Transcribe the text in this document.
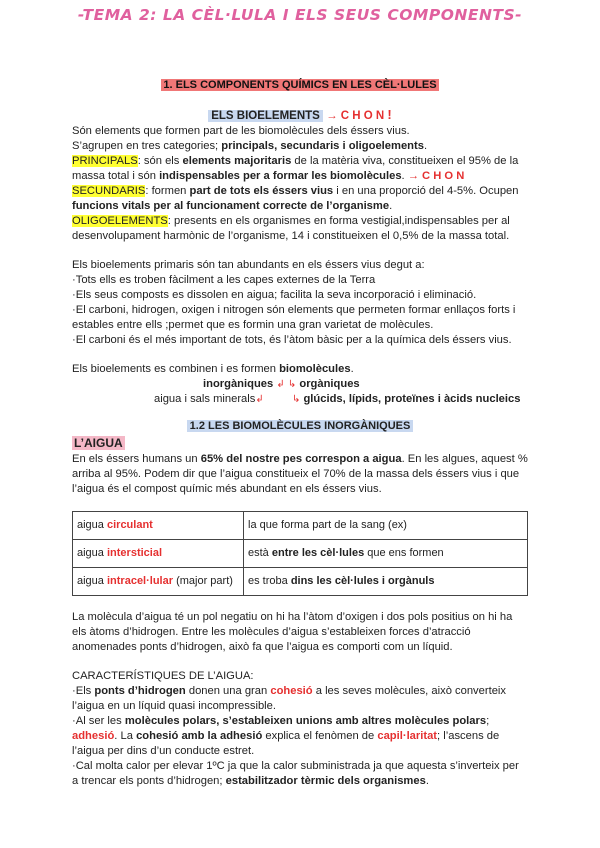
-TEMA 2: LA CÈL·LULA I ELS SEUS COMPONENTS-

1. ELS COMPONENTS QUÍMICS EN LES CÈL·LULES

ELS BIOELEMENTS → C H O N !

Són elements que formen part de les biomolècules dels éssers vius.

S’agrupen en tres categories; principals, secundaris i oligoelements.

PRINCIPALS: són els elements majoritaris de la matèria viva, constitueixen el 95% de la massa total i són indispensables per a formar les biomolècules. → C H O N

SECUNDARIS: formen part de tots els éssers vius i en una proporció del 4-5%. Ocupen funcions vitals per al funcionament correcte de l’organisme.

OLIGOELEMENTS: presents en els organismes en forma vestigial,indispensables per al desenvolupament harmònic de l’organisme, 14 i constitueixen el 0,5% de la massa total.

Els bioelements primaris són tan abundants en els éssers vius degut a:

·Tots ells es troben fàcilment a les capes externes de la Terra

·Els seus composts es dissolen en aigua; facilita la seva incorporació i eliminació.

·El carboni, hidrogen, oxigen i nitrogen són elements que permeten formar enllaços forts i estables entre ells ;permet que es formin una gran varietat de molècules.

·El carboni és el més important de tots, és l’àtom bàsic per a la química dels éssers vius.

Els bioelements es combinen i es formen biomolècules.

inorgàniques ↲ ↳ orgàniques

aigua i sals minerals↲	↳ glúcids, lípids, proteïnes i àcids nucleics

1.2 LES BIOMOLÈCULES INORGÀNIQUES

L’AIGUA

En els éssers humans un 65% del nostre pes correspon a aigua. En les algues, aquest % arriba al 95%. Podem dir que l’aigua constitueix el 70% de la massa dels éssers vius i que l’aigua és el compost químic més abundant en els éssers vius.

aigua circulant	la que forma part de la sang (ex)
aigua intersticial	està entre les cèl·lules que ens formen
aigua intracel·lular (major part)	es troba dins les cèl·lules i orgànuls

La molècula d’aigua té un pol negatiu on hi ha l’àtom d’oxigen i dos pols positius on hi ha els àtoms d’hidrogen. Entre les molècules d’aigua s’estableixen forces d’atracció anomenades ponts d’hidrogen, això fa que l’aigua es comporti com un líquid.

CARACTERÍSTIQUES DE L’AIGUA:

·Els ponts d’hidrogen donen una gran cohesió a les seves molècules, això converteix l’aigua en un líquid quasi incompressible.

·Al ser les molècules polars, s’estableixen unions amb altres molècules polars; adhesió. La cohesió amb la adhesió explica el fenòmen de capil·laritat; l’ascens de l’aigua per dins d’un conducte estret.

·Cal molta calor per elevar 1ºC ja que la calor subministrada ja que aquesta s’inverteix per a trencar els ponts d’hidrogen; estabilitzador tèrmic dels organismes.
